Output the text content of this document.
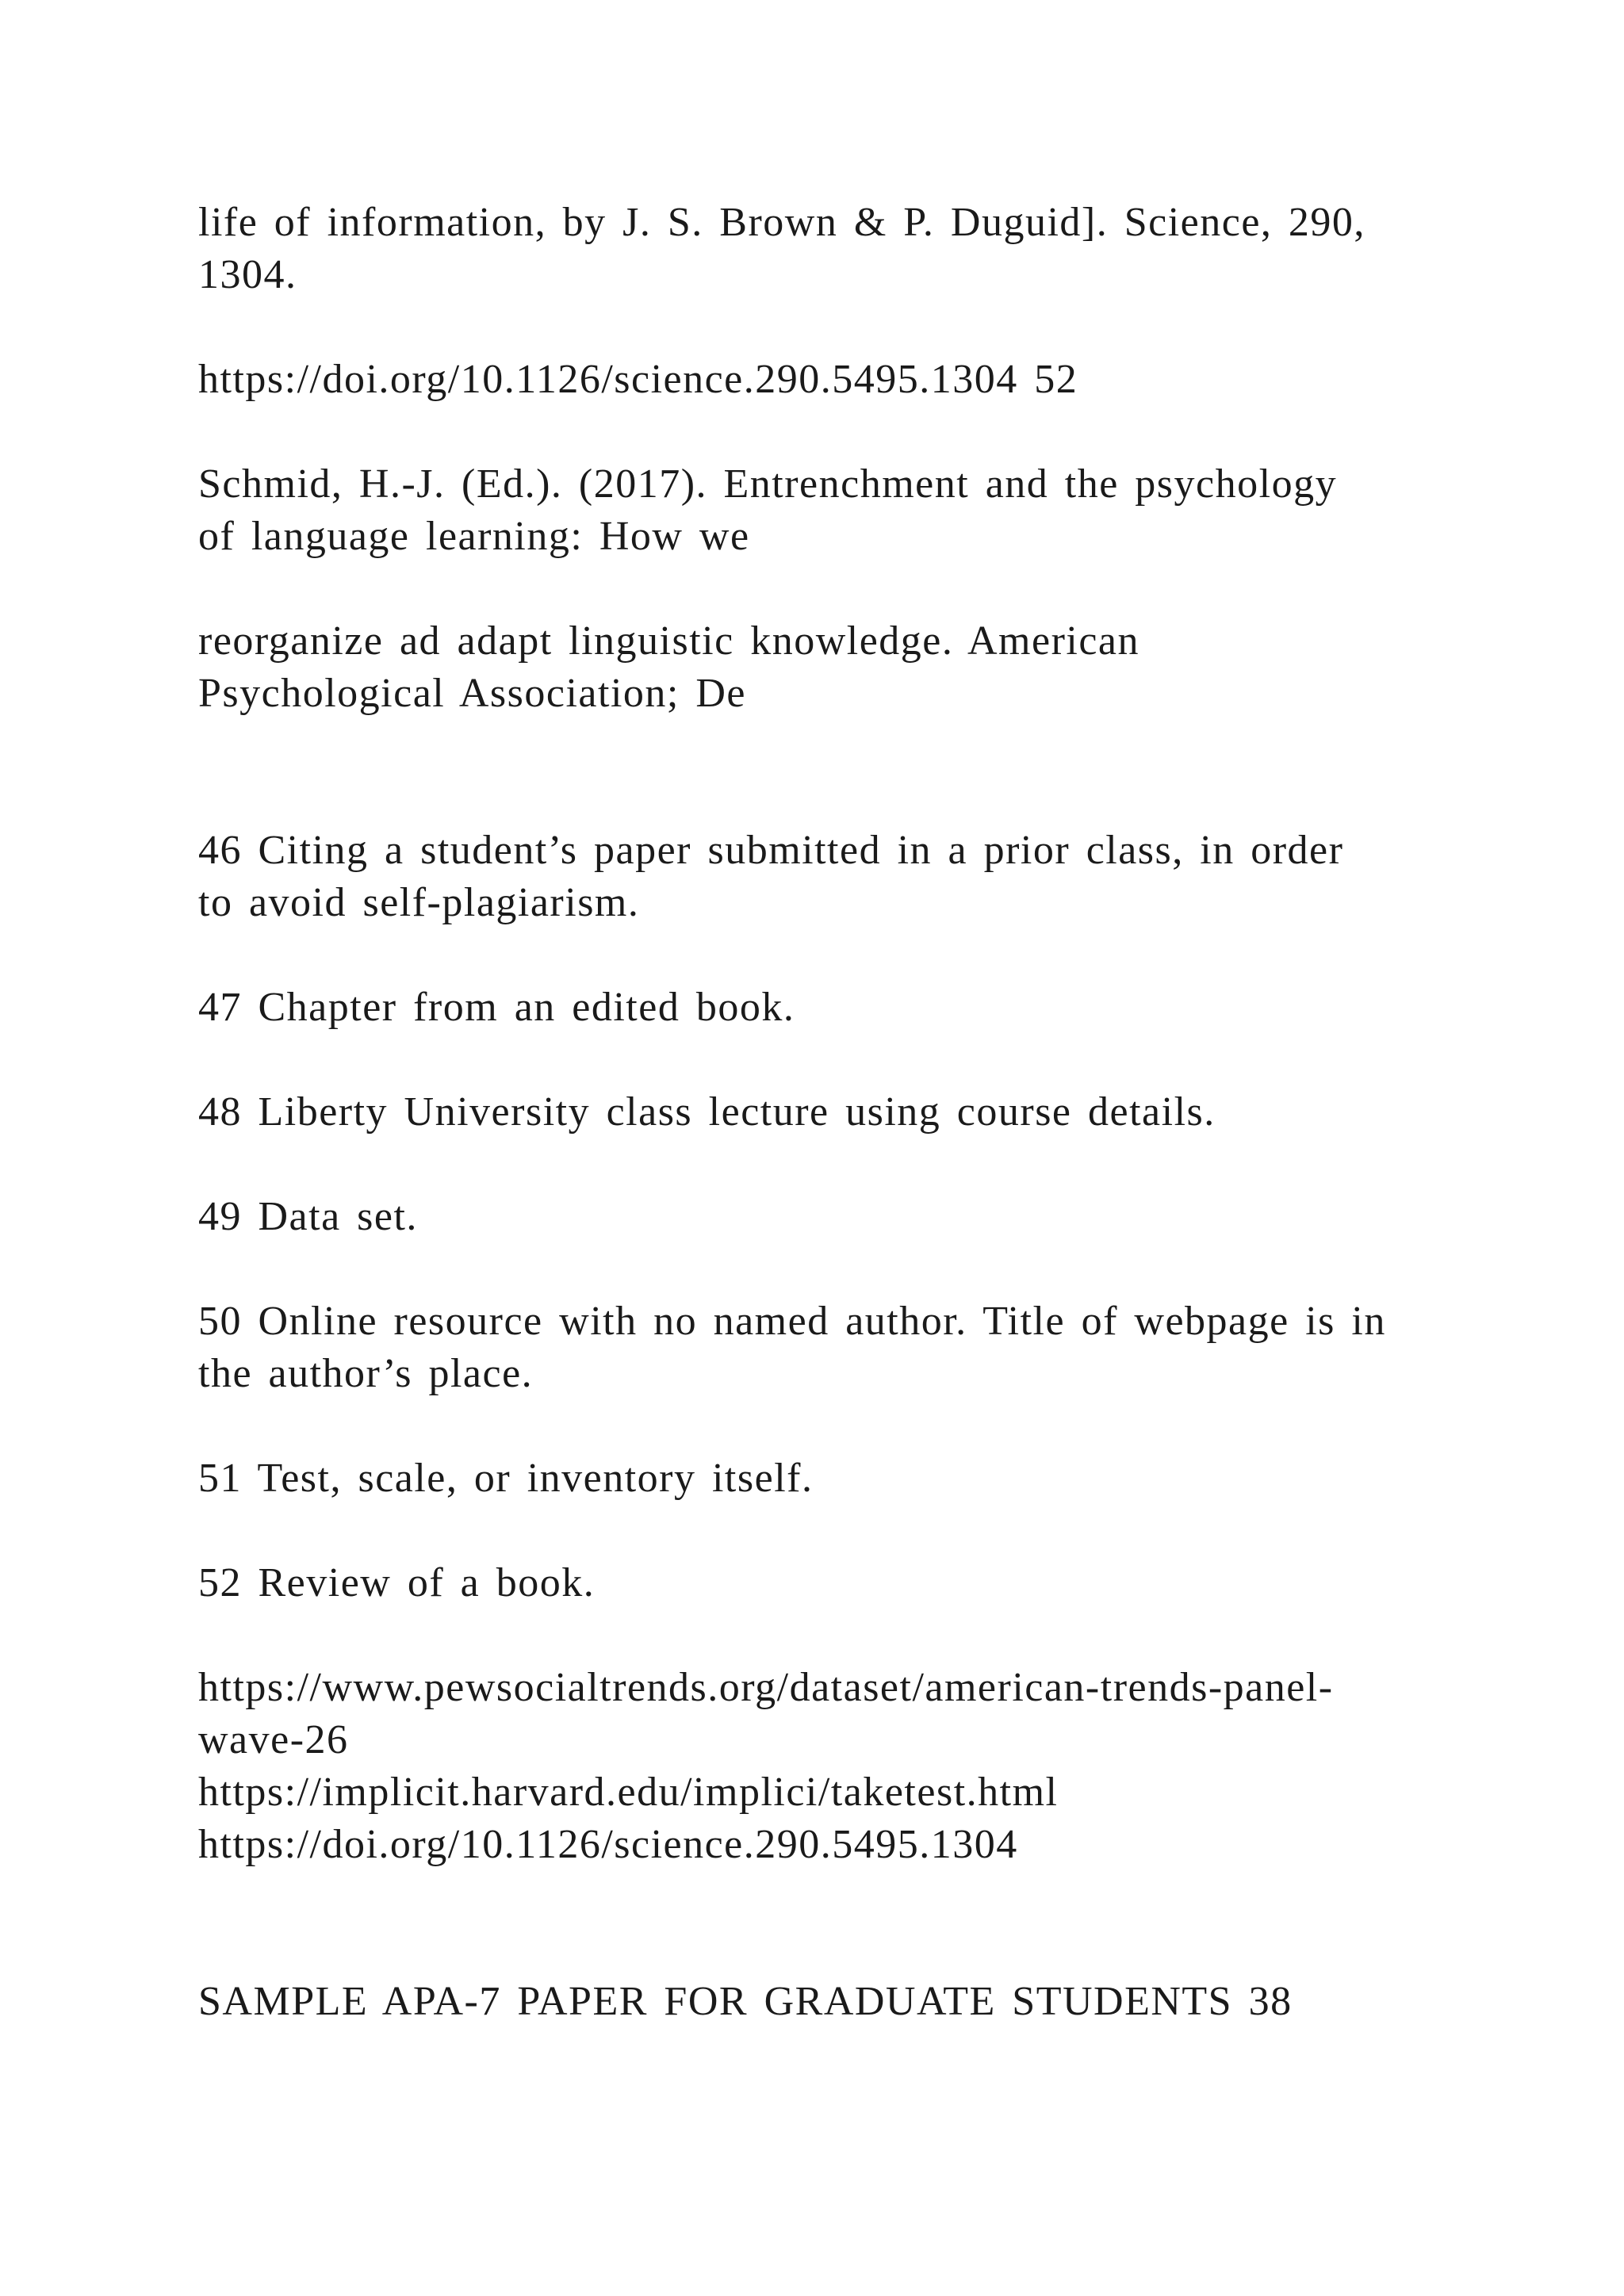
life of information, by J. S. Brown & P. Duguid]. Science, 290,
1304.
https://doi.org/10.1126/science.290.5495.1304 52
Schmid, H.-J. (Ed.). (2017). Entrenchment and the psychology
of language learning: How we
reorganize ad adapt linguistic knowledge. American
Psychological Association; De
46 Citing a student’s paper submitted in a prior class, in order
to avoid self-plagiarism.
47 Chapter from an edited book.
48 Liberty University class lecture using course details.
49 Data set.
50 Online resource with no named author. Title of webpage is in
the author’s place.
51 Test, scale, or inventory itself.
52 Review of a book.
https://www.pewsocialtrends.org/dataset/american-trends-panel-
wave-26
https://implicit.harvard.edu/implici/taketest.html
https://doi.org/10.1126/science.290.5495.1304
SAMPLE APA-7 PAPER FOR GRADUATE STUDENTS 38
